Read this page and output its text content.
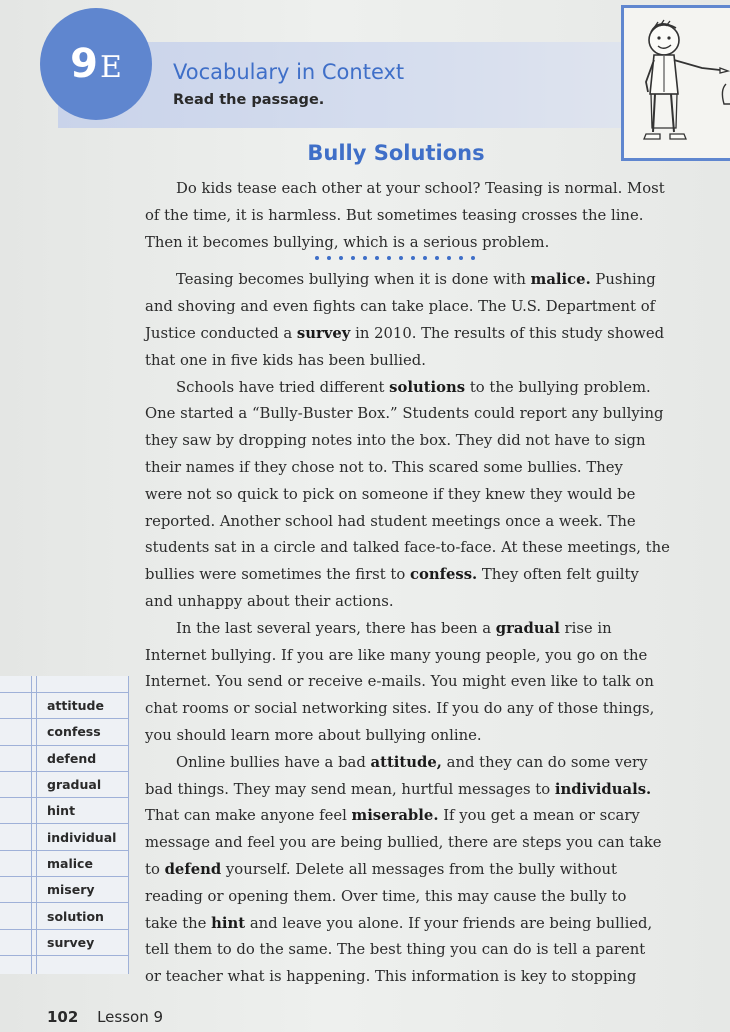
9 E Vocabulary in Context
Read the passage.
Bully Solutions
Do kids tease each other at your school? Teasing is normal. Most
of the time, it is harmless. But sometimes teasing crosses the line.
Then it becomes bullying, which is a serious problem.
Teasing becomes bullying when it is done with malice. Pushing
and shoving and even fights can take place. The U.S. Department of
Justice conducted a survey in 2010. The results of this study showed
that one in five kids has been bullied.
Schools have tried different solutions to the bullying problem.
One started a “Bully-Buster Box.” Students could report any bullying
they saw by dropping notes into the box. They did not have to sign
their names if they chose not to. This scared some bullies. They
were not so quick to pick on someone if they knew they would be
reported. Another school had student meetings once a week. The
students sat in a circle and talked face-to-face. At these meetings, the
bullies were sometimes the first to confess. They often felt guilty
and unhappy about their actions.
In the last several years, there has been a gradual rise in
Internet bullying. If you are like many young people, you go on the
Internet. You send or receive e-mails. You might even like to talk on
chat rooms or social networking sites. If you do any of those things,
you should learn more about bullying online.
Online bullies have a bad attitude, and they can do some very
bad things. They may send mean, hurtful messages to individuals.
That can make anyone feel miserable. If you get a mean or scary
message and feel you are being bullied, there are steps you can take
to defend yourself. Delete all messages from the bully without
reading or opening them. Over time, this may cause the bully to
take the hint and leave you alone. If your friends are being bullied,
tell them to do the same. The best thing you can do is tell a parent
or teacher what is happening. This information is key to stopping
attitude
confess
defend
gradual
hint
individual
malice
misery
solution
survey
102 Lesson 9
